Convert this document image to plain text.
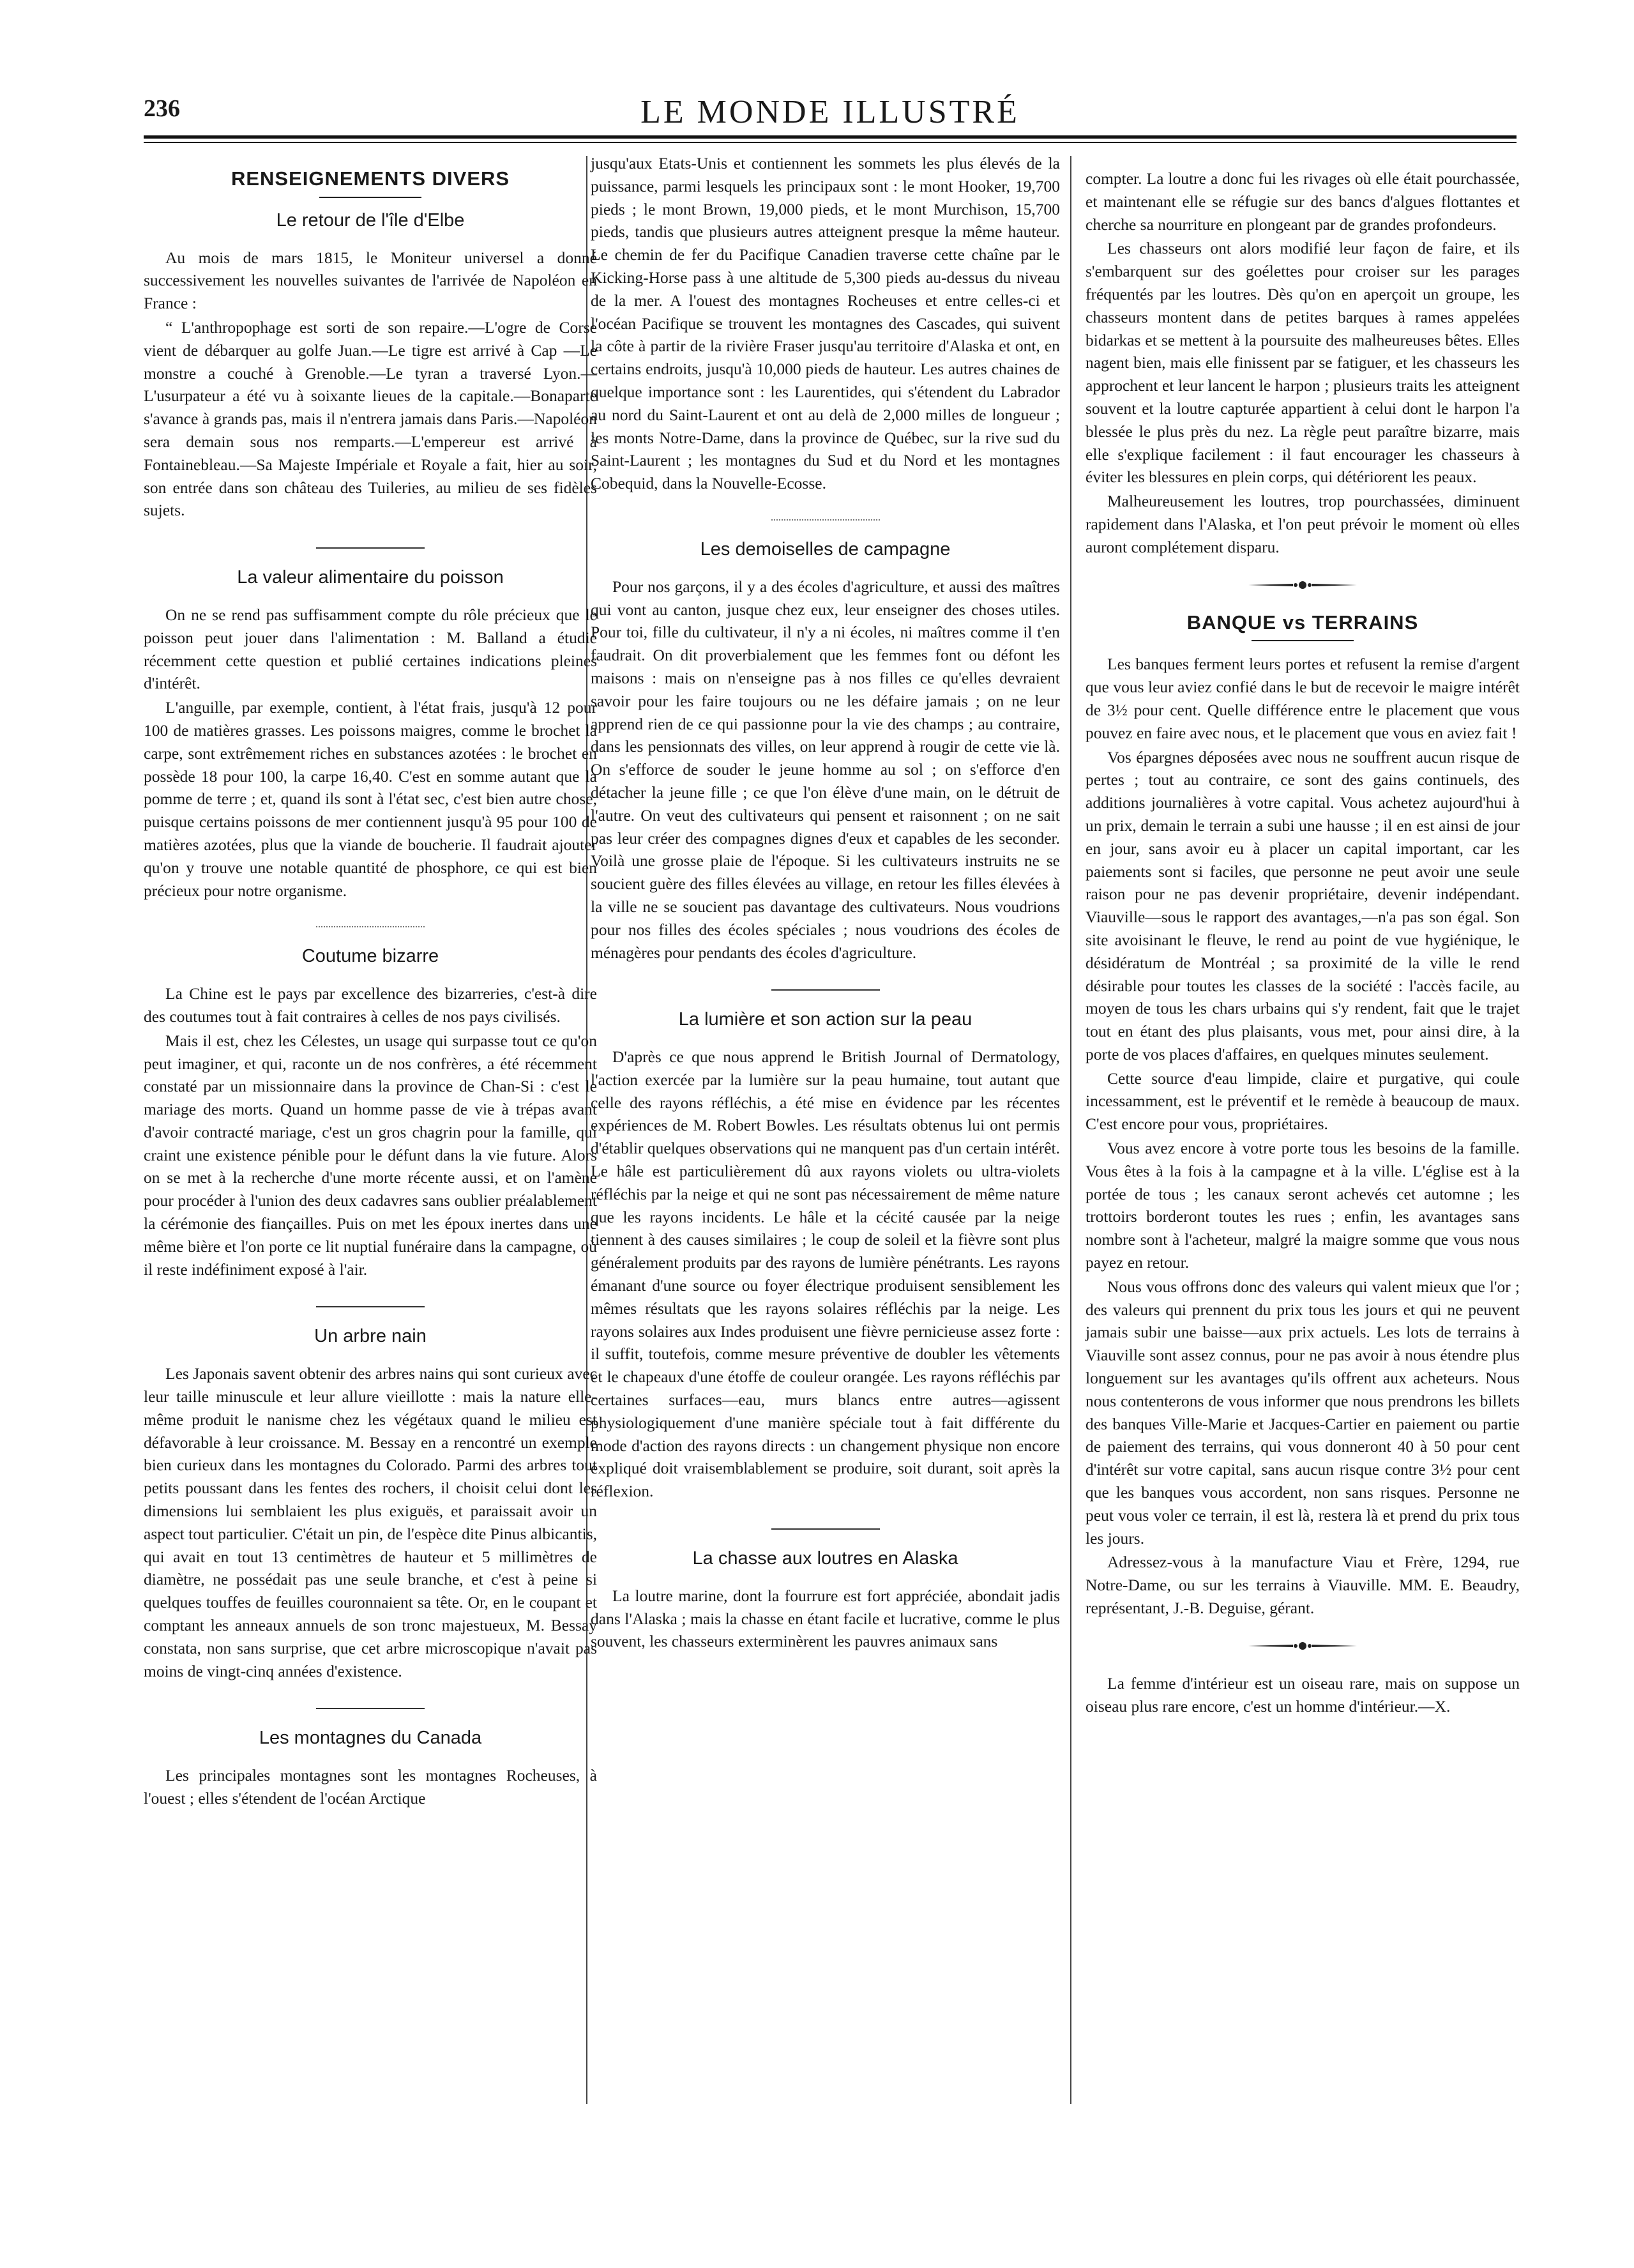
236	LE MONDE ILLUSTRÉ
RENSEIGNEMENTS DIVERS
Le retour de l'île d'Elbe

Au mois de mars 1815, le Moniteur universel a donné successivement les nouvelles suivantes de l'arrivée de Napoléon en France :

“ L'anthropophage est sorti de son repaire.—L'ogre de Corse vient de débarquer au golfe Juan.—Le tigre est arrivé à Cap —Le monstre a couché à Grenoble.—Le tyran a traversé Lyon.—L'usurpateur a été vu à soixante lieues de la capitale.—Bonaparte s'avance à grands pas, mais il n'entrera jamais dans Paris.—Napoléon sera demain sous nos remparts.—L'empereur est arrivé à Fontainebleau.—Sa Majeste Impériale et Royale a fait, hier au soir, son entrée dans son château des Tuileries, au milieu de ses fidèles sujets.

La valeur alimentaire du poisson

On ne se rend pas suffisamment compte du rôle précieux que le poisson peut jouer dans l'alimentation : M. Balland a étudié récemment cette question et publié certaines indications pleines d'intérêt.

L'anguille, par exemple, contient, à l'état frais, jusqu'à 12 pour 100 de matières grasses. Les poissons maigres, comme le brochet la carpe, sont extrêmement riches en substances azotées : le brochet en possède 18 pour 100, la carpe 16,40. C'est en somme autant que la pomme de terre ; et, quand ils sont à l'état sec, c'est bien autre chose, puisque certains poissons de mer contiennent jusqu'à 95 pour 100 de matières azotées, plus que la viande de boucherie. Il faudrait ajouter qu'on y trouve une notable quantité de phosphore, ce qui est bien précieux pour notre organisme.

Coutume bizarre

La Chine est le pays par excellence des bizarreries, c'est-à dire des coutumes tout à fait contraires à celles de nos pays civilisés.

Mais il est, chez les Célestes, un usage qui surpasse tout ce qu'on peut imaginer, et qui, raconte un de nos confrères, a été récemment constaté par un missionnaire dans la province de Chan-Si : c'est le mariage des morts. Quand un homme passe de vie à trépas avant d'avoir contracté mariage, c'est un gros chagrin pour la famille, qui craint une existence pénible pour le défunt dans la vie future. Alors on se met à la recherche d'une morte récente aussi, et on l'amène pour procéder à l'union des deux cadavres sans oublier préalablement la cérémonie des fiançailles. Puis on met les époux inertes dans une même bière et l'on porte ce lit nuptial funéraire dans la campagne, où il reste indéfiniment exposé à l'air.

Un arbre nain

Les Japonais savent obtenir des arbres nains qui sont curieux avec leur taille minuscule et leur allure vieillotte : mais la nature elle-même produit le nanisme chez les végétaux quand le milieu est défavorable à leur croissance. M. Bessay en a rencontré un exemple bien curieux dans les montagnes du Colorado. Parmi des arbres tout petits poussant dans les fentes des rochers, il choisit celui dont les dimensions lui semblaient les plus exiguës, et paraissait avoir un aspect tout particulier. C'était un pin, de l'espèce dite Pinus albicantis, qui avait en tout 13 centimètres de hauteur et 5 millimètres de diamètre, ne possédait pas une seule branche, et c'est à peine si quelques touffes de feuilles couronnaient sa tête. Or, en le coupant et comptant les anneaux annuels de son tronc majestueux, M. Bessay constata, non sans surprise, que cet arbre microscopique n'avait pas moins de vingt-cinq années d'existence.

Les montagnes du Canada

Les principales montagnes sont les montagnes Rocheuses, à l'ouest ; elles s'étendent de l'océan Arctique

jusqu'aux Etats-Unis et contiennent les sommets les plus élevés de la puissance, parmi lesquels les principaux sont : le mont Hooker, 19,700 pieds ; le mont Brown, 19,000 pieds, et le mont Murchison, 15,700 pieds, tandis que plusieurs autres atteignent presque la même hauteur. Le chemin de fer du Pacifique Canadien traverse cette chaîne par le Kicking-Horse pass à une altitude de 5,300 pieds au-dessus du niveau de la mer. A l'ouest des montagnes Rocheuses et entre celles-ci et l'océan Pacifique se trouvent les montagnes des Cascades, qui suivent la côte à partir de la rivière Fraser jusqu'au territoire d'Alaska et ont, en certains endroits, jusqu'à 10,000 pieds de hauteur. Les autres chaines de quelque importance sont : les Laurentides, qui s'étendent du Labrador au nord du Saint-Laurent et ont au delà de 2,000 milles de longueur ; les monts Notre-Dame, dans la province de Québec, sur la rive sud du Saint-Laurent ; les montagnes du Sud et du Nord et les montagnes Cobequid, dans la Nouvelle-Ecosse.

Les demoiselles de campagne

Pour nos garçons, il y a des écoles d'agriculture, et aussi des maîtres qui vont au canton, jusque chez eux, leur enseigner des choses utiles. Pour toi, fille du cultivateur, il n'y a ni écoles, ni maîtres comme il t'en faudrait. On dit proverbialement que les femmes font ou défont les maisons : mais on n'enseigne pas à nos filles ce qu'elles devraient savoir pour les faire toujours ou ne les défaire jamais ; on ne leur apprend rien de ce qui passionne pour la vie des champs ; au contraire, dans les pensionnats des villes, on leur apprend à rougir de cette vie là. On s'efforce de souder le jeune homme au sol ; on s'efforce d'en détacher la jeune fille ; ce que l'on élève d'une main, on le détruit de l'autre. On veut des cultivateurs qui pensent et raisonnent ; on ne sait pas leur créer des compagnes dignes d'eux et capables de les seconder. Voilà une grosse plaie de l'époque. Si les cultivateurs instruits ne se soucient guère des filles élevées au village, en retour les filles élevées à la ville ne se soucient pas davantage des cultivateurs. Nous voudrions pour nos filles des écoles spéciales ; nous voudrions des écoles de ménagères pour pendants des écoles d'agriculture.

La lumière et son action sur la peau

D'après ce que nous apprend le British Journal of Dermatology, l'action exercée par la lumière sur la peau humaine, tout autant que celle des rayons réfléchis, a été mise en évidence par les récentes expériences de M. Robert Bowles. Les résultats obtenus lui ont permis d'établir quelques observations qui ne manquent pas d'un certain intérêt. Le hâle est particulièrement dû aux rayons violets ou ultra-violets réfléchis par la neige et qui ne sont pas nécessairement de même nature que les rayons incidents. Le hâle et la cécité causée par la neige tiennent à des causes similaires ; le coup de soleil et la fièvre sont plus généralement produits par des rayons de lumière pénétrants. Les rayons émanant d'une source ou foyer électrique produisent sensiblement les mêmes résultats que les rayons solaires réfléchis par la neige. Les rayons solaires aux Indes produisent une fièvre pernicieuse assez forte : il suffit, toutefois, comme mesure préventive de doubler les vêtements et le chapeaux d'une étoffe de couleur orangée. Les rayons réfléchis par certaines surfaces—eau, murs blancs entre autres—agissent physiologiquement d'une manière spéciale tout à fait différente du mode d'action des rayons directs : un changement physique non encore expliqué doit vraisemblablement se produire, soit durant, soit après la réflexion.

La chasse aux loutres en Alaska

La loutre marine, dont la fourrure est fort appréciée, abondait jadis dans l'Alaska ; mais la chasse en étant facile et lucrative, comme le plus souvent, les chasseurs exterminèrent les pauvres animaux sans

compter. La loutre a donc fui les rivages où elle était pourchassée, et maintenant elle se réfugie sur des bancs d'algues flottantes et cherche sa nourriture en plongeant par de grandes profondeurs.

Les chasseurs ont alors modifié leur façon de faire, et ils s'embarquent sur des goélettes pour croiser sur les parages fréquentés par les loutres. Dès qu'on en aperçoit un groupe, les chasseurs montent dans de petites barques à rames appelées bidarkas et se mettent à la poursuite des malheureuses bêtes. Elles nagent bien, mais elle finissent par se fatiguer, et les chasseurs les approchent et leur lancent le harpon ; plusieurs traits les atteignent souvent et la loutre capturée appartient à celui dont le harpon l'a blessée le plus près du nez. La règle peut paraître bizarre, mais elle s'explique facilement : il faut encourager les chasseurs à éviter les blessures en plein corps, qui détériorent les peaux.

Malheureusement les loutres, trop pourchassées, diminuent rapidement dans l'Alaska, et l'on peut prévoir le moment où elles auront complétement disparu.

BANQUE vs TERRAINS

Les banques ferment leurs portes et refusent la remise d'argent que vous leur aviez confié dans le but de recevoir le maigre intérêt de 3½ pour cent. Quelle différence entre le placement que vous pouvez en faire avec nous, et le placement que vous en aviez fait !

Vos épargnes déposées avec nous ne souffrent aucun risque de pertes ; tout au contraire, ce sont des gains continuels, des additions journalières à votre capital. Vous achetez aujourd'hui à un prix, demain le terrain a subi une hausse ; il en est ainsi de jour en jour, sans avoir eu à placer un capital important, car les paiements sont si faciles, que personne ne peut avoir une seule raison pour ne pas devenir propriétaire, devenir indépendant. Viauville—sous le rapport des avantages,—n'a pas son égal. Son site avoisinant le fleuve, le rend au point de vue hygiénique, le désidératum de Montréal ; sa proximité de la ville le rend désirable pour toutes les classes de la société : l'accès facile, au moyen de tous les chars urbains qui s'y rendent, fait que le trajet tout en étant des plus plaisants, vous met, pour ainsi dire, à la porte de vos places d'affaires, en quelques minutes seulement.

Cette source d'eau limpide, claire et purgative, qui coule incessamment, est le préventif et le remède à beaucoup de maux. C'est encore pour vous, propriétaires.

Vous avez encore à votre porte tous les besoins de la famille. Vous êtes à la fois à la campagne et à la ville. L'église est à la portée de tous ; les canaux seront achevés cet automne ; les trottoirs borderont toutes les rues ; enfin, les avantages sans nombre sont à l'acheteur, malgré la maigre somme que vous nous payez en retour.

Nous vous offrons donc des valeurs qui valent mieux que l'or ; des valeurs qui prennent du prix tous les jours et qui ne peuvent jamais subir une baisse—aux prix actuels. Les lots de terrains à Viauville sont assez connus, pour ne pas avoir à nous étendre plus longuement sur les avantages qu'ils offrent aux acheteurs. Nous nous contenterons de vous informer que nous prendrons les billets des banques Ville-Marie et Jacques-Cartier en paiement ou partie de paiement des terrains, qui vous donneront 40 à 50 pour cent d'intérêt sur votre capital, sans aucun risque contre 3½ pour cent que les banques vous accordent, non sans risques. Personne ne peut vous voler ce terrain, il est là, restera là et prend du prix tous les jours.

Adressez-vous à la manufacture Viau et Frère, 1294, rue Notre-Dame, ou sur les terrains à Viauville. MM. E. Beaudry, représentant, J.-B. Deguise, gérant.

La femme d'intérieur est un oiseau rare, mais on suppose un oiseau plus rare encore, c'est un homme d'intérieur.—X.
